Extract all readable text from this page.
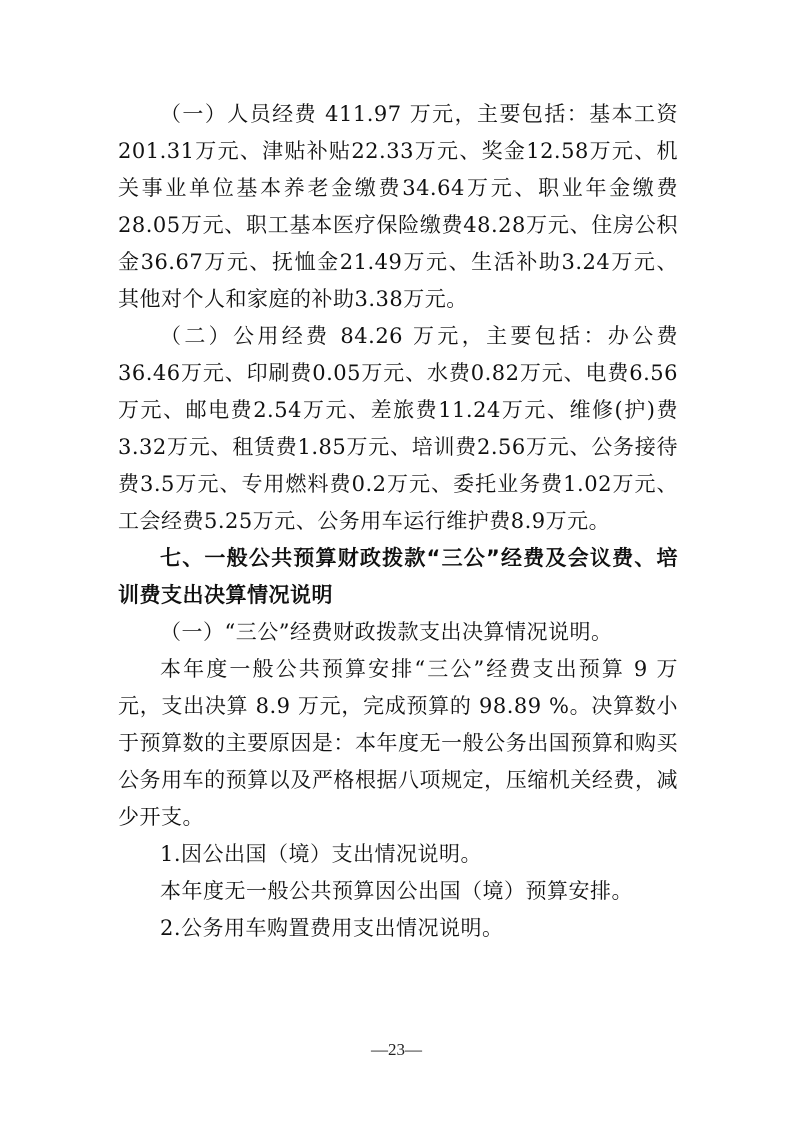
（一）人员经费 411.97 万元，主要包括：基本工资201.31万元、津贴补贴22.33万元、奖金12.58万元、机关事业单位基本养老金缴费34.64万元、职业年金缴费28.05万元、职工基本医疗保险缴费48.28万元、住房公积金36.67万元、抚恤金21.49万元、生活补助3.24万元、其他对个人和家庭的补助3.38万元。

（二）公用经费 84.26 万元，主要包括：办公费36.46万元、印刷费0.05万元、水费0.82万元、电费6.56万元、邮电费2.54万元、差旅费11.24万元、维修(护)费3.32万元、租赁费1.85万元、培训费2.56万元、公务接待费3.5万元、专用燃料费0.2万元、委托业务费1.02万元、工会经费5.25万元、公务用车运行维护费8.9万元。

七、一般公共预算财政拨款“三公”经费及会议费、培训费支出决算情况说明

（一）“三公”经费财政拨款支出决算情况说明。

本年度一般公共预算安排“三公”经费支出预算 9 万元，支出决算 8.9 万元，完成预算的 98.89 %。决算数小于预算数的主要原因是：本年度无一般公务出国预算和购买公务用车的预算以及严格根据八项规定，压缩机关经费，减少开支。

1.因公出国（境）支出情况说明。

本年度无一般公共预算因公出国（境）预算安排。

2.公务用车购置费用支出情况说明。

—23—
